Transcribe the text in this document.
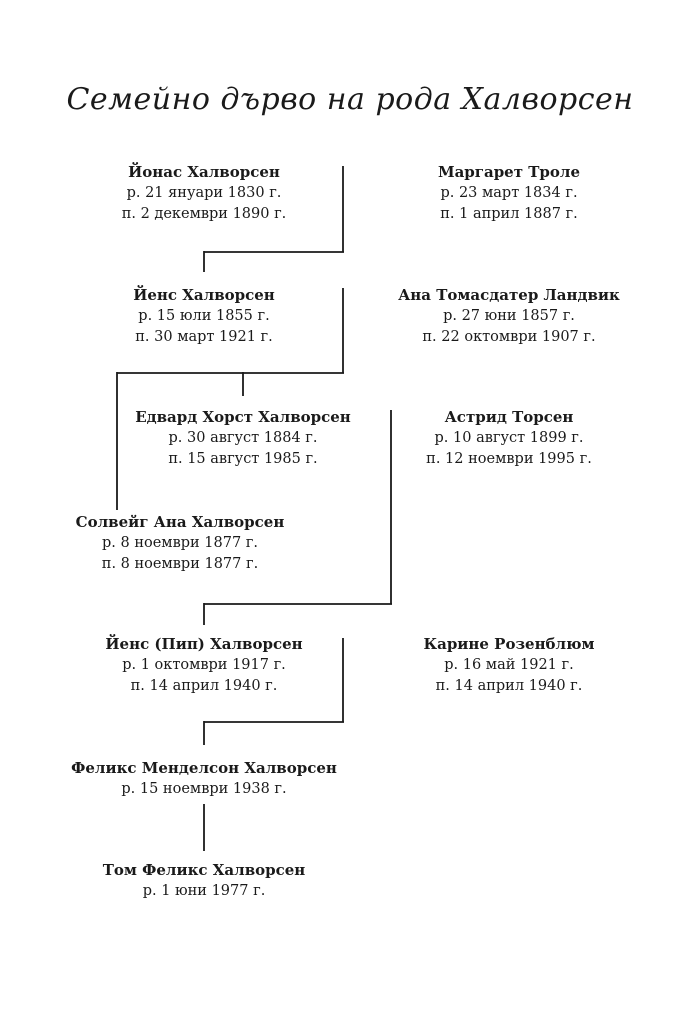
Семейно дърво на рода Халворсен
Йонас Халворсен
р. 21 януари 1830 г.
п. 2 декември 1890 г.
Маргарет Троле
р. 23 март 1834 г.
п. 1 април 1887 г.
Йенс Халворсен
р. 15 юли 1855 г.
п. 30 март 1921 г.
Ана Томасдатер Ландвик
р. 27 юни 1857 г.
п. 22 октомври 1907 г.
Едвард Хорст Халворсен
р. 30 август 1884 г.
п. 15 август 1985 г.
Астрид Торсен
р. 10 август 1899 г.
п. 12 ноември 1995 г.
Солвейг Ана Халворсен
р. 8 ноември 1877 г.
п. 8 ноември 1877 г.
Йенс (Пип) Халворсен
р. 1 октомври 1917 г.
п. 14 април 1940 г.
Карине Розенблюм
р. 16 май 1921 г.
п. 14 април 1940 г.
Феликс Менделсон Халворсен
р. 15 ноември 1938 г.
Том Феликс Халворсен
р. 1 юни 1977 г.
